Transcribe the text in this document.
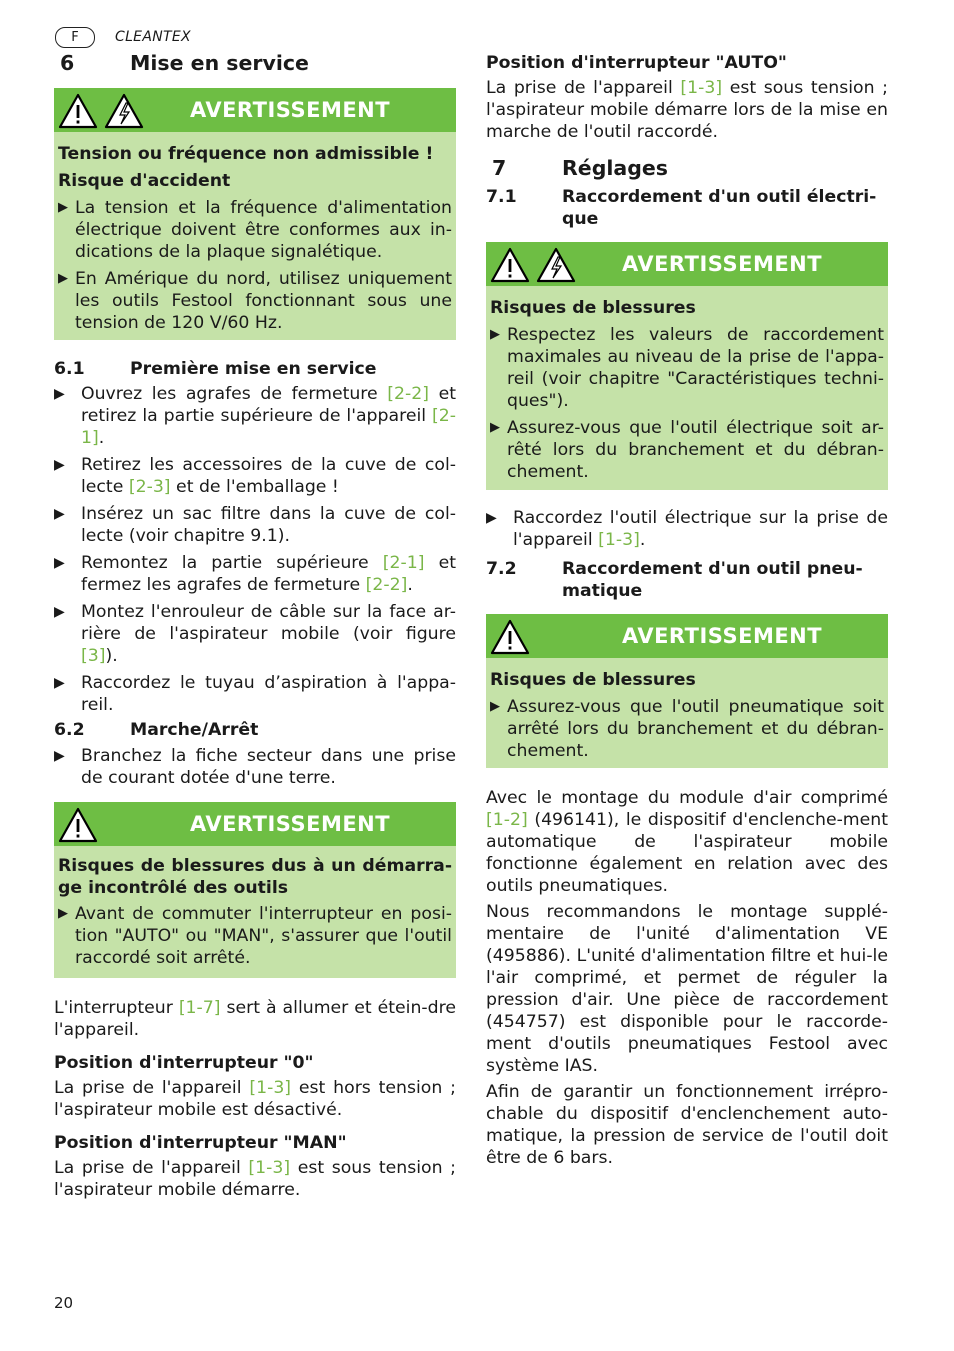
F	CLEANTEX
6	Mise en service
AVERTISSEMENT
Tension ou fréquence non admissible !
Risque d'accident
▶ La tension et la fréquence d'alimentation électrique doivent être conformes aux in-dications de la plaque signalétique.
▶ En Amérique du nord, utilisez uniquement les outils Festool fonctionnant sous une tension de 120 V/60 Hz.
6.1	Première mise en service
▶ Ouvrez les agrafes de fermeture [2-2] et retirez la partie supérieure de l'appareil [2-1].
▶ Retirez les accessoires de la cuve de col-lecte [2-3] et de l'emballage !
▶ Insérez un sac filtre dans la cuve de col-lecte (voir chapitre 9.1).
▶ Remontez la partie supérieure [2-1] et fermez les agrafes de fermeture [2-2].
▶ Montez l'enrouleur de câble sur la face ar-rière de l'aspirateur mobile (voir figure [3]).
▶ Raccordez le tuyau d’aspiration à l'appa-reil.
6.2	Marche/Arrêt
▶ Branchez la fiche secteur dans une prise de courant dotée d'une terre.
AVERTISSEMENT
Risques de blessures dus à un démarra-ge incontrôlé des outils
▶ Avant de commuter l'interrupteur en posi-tion "AUTO" ou "MAN", s'assurer que l'outil raccordé soit arrêté.
L'interrupteur [1-7] sert à allumer et étein-dre l'appareil.
Position d'interrupteur "0"
La prise de l'appareil [1-3] est hors tension ; l'aspirateur mobile est désactivé.
Position d'interrupteur "MAN"
La prise de l'appareil [1-3] est sous tension ; l'aspirateur mobile démarre.
Position d'interrupteur "AUTO"
La prise de l'appareil [1-3] est sous tension ; l'aspirateur mobile démarre lors de la mise en marche de l'outil raccordé.
7	Réglages
7.1	Raccordement d'un outil électri-que
AVERTISSEMENT
Risques de blessures
▶ Respectez les valeurs de raccordement maximales au niveau de la prise de l'appa-reil (voir chapitre "Caractéristiques techni-ques").
▶ Assurez-vous que l'outil électrique soit ar-rêté lors du branchement et du débran-chement.
▶ Raccordez l'outil électrique sur la prise de l'appareil [1-3].
7.2	Raccordement d'un outil pneu-matique
AVERTISSEMENT
Risques de blessures
▶ Assurez-vous que l'outil pneumatique soit arrêté lors du branchement et du débran-chement.
Avec le montage du module d'air comprimé [1-2] (496141), le dispositif d'enclenche-ment automatique de l'aspirateur mobile fonctionne également en relation avec des outils pneumatiques.
Nous recommandons le montage supplé-mentaire de l'unité d'alimentation VE (495886). L'unité d'alimentation filtre et hui-le l'air comprimé, et permet de réguler la pression d'air. Une pièce de raccordement (454757) est disponible pour le raccorde-ment d'outils pneumatiques Festool avec système IAS.
Afin de garantir un fonctionnement irrépro-chable du dispositif d'enclenchement auto-matique, la pression de service de l'outil doit être de 6 bars.
20
